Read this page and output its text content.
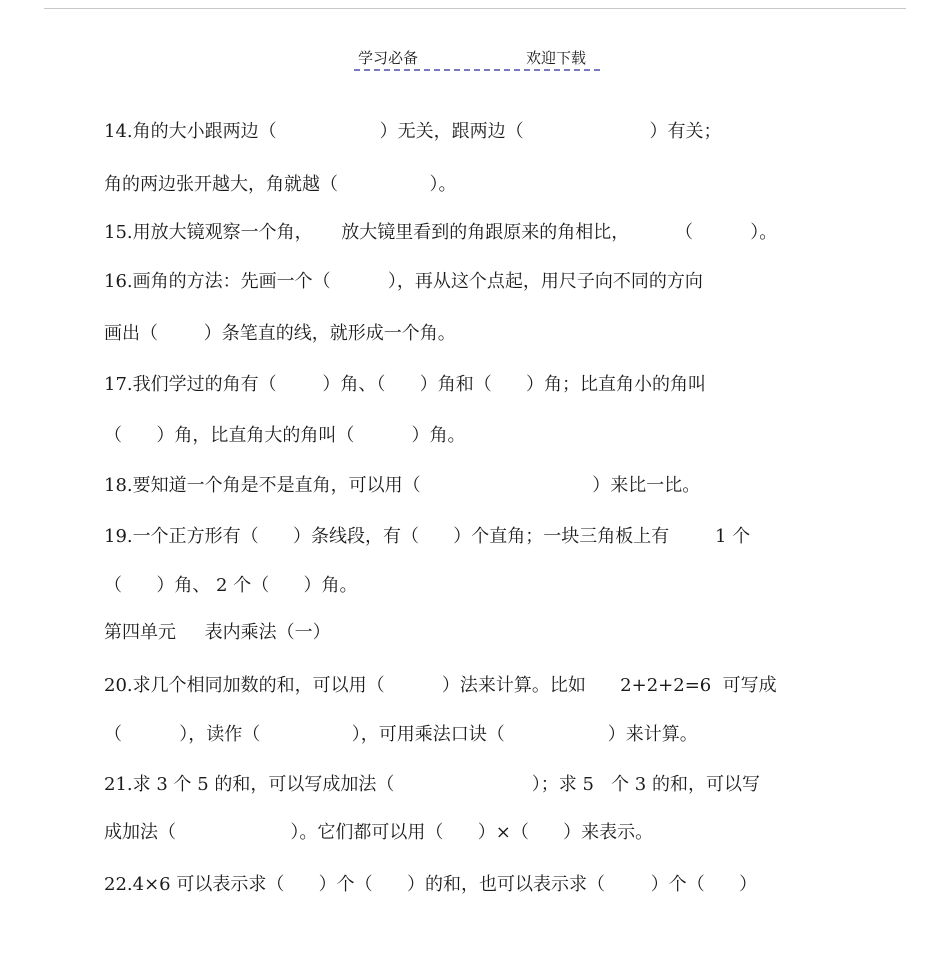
学习必备	欢迎下载
14.角的大小跟两边（                  ）无关，跟两边（                      ）有关；
角的两边张开越大，角就越（                ）。
15.用放大镜观察一个角，     放大镜里看到的角跟原来的角相比，        （          ）。
16.画角的方法：先画一个（          ），再从这个点起，用尺子向不同的方向
画出（        ）条笔直的线，就形成一个角。
17.我们学过的角有（        ）角、（      ）角和（      ）角；比直角小的角叫
（      ）角，比直角大的角叫（          ）角。
18.要知道一个角是不是直角，可以用（                              ）来比一比。
19.一个正方形有（      ）条线段，有（      ）个直角；一块三角板上有        1 个
（      ）角、 2 个（      ）角。
第四单元     表内乘法（一）
20.求几个相同加数的和，可以用（          ）法来计算。比如      2+2+2=6  可写成
（          ），读作（                ），可用乘法口诀（                  ）来计算。
21.求 3 个 5 的和，可以写成加法（                        ）；求 5   个 3 的和，可以写
成加法（                    ）。它们都可以用（      ）×（      ）来表示。
22.4×6 可以表示求（      ）个（      ）的和，也可以表示求（        ）个（      ）
